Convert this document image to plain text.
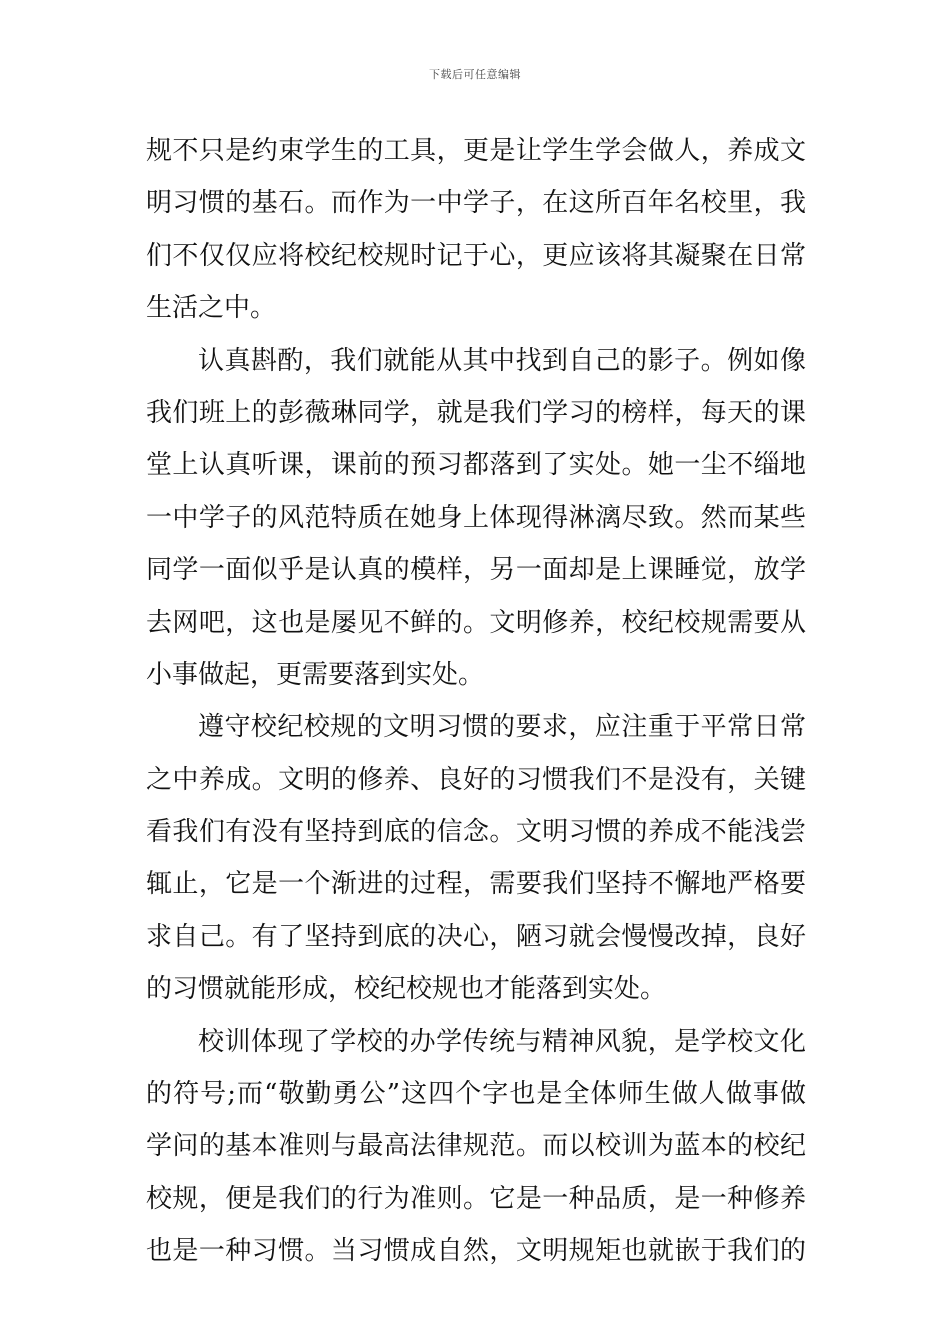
下载后可任意编辑
规不只是约束学生的工具，更是让学生学会做人，养成文
明习惯的基石。而作为一中学子，在这所百年名校里，我
们不仅仅应将校纪校规时记于心，更应该将其凝聚在日常
生活之中。
认真斟酌，我们就能从其中找到自己的影子。例如像
我们班上的彭薇琳同学，就是我们学习的榜样，每天的课
堂上认真听课，课前的预习都落到了实处。她一尘不缁地
一中学子的风范特质在她身上体现得淋漓尽致。然而某些
同学一面似乎是认真的模样，另一面却是上课睡觉，放学
去网吧，这也是屡见不鲜的。文明修养，校纪校规需要从
小事做起，更需要落到实处。
遵守校纪校规的文明习惯的要求，应注重于平常日常
之中养成。文明的修养、良好的习惯我们不是没有，关键
看我们有没有坚持到底的信念。文明习惯的养成不能浅尝
辄止，它是一个渐进的过程，需要我们坚持不懈地严格要
求自己。有了坚持到底的决心，陋习就会慢慢改掉，良好
的习惯就能形成，校纪校规也才能落到实处。
校训体现了学校的办学传统与精神风貌，是学校文化
的符号;而“敬勤勇公”这四个字也是全体师生做人做事做
学问的基本准则与最高法律规范。而以校训为蓝本的校纪
校规，便是我们的行为准则。它是一种品质，是一种修养
也是一种习惯。当习惯成自然，文明规矩也就嵌于我们的
